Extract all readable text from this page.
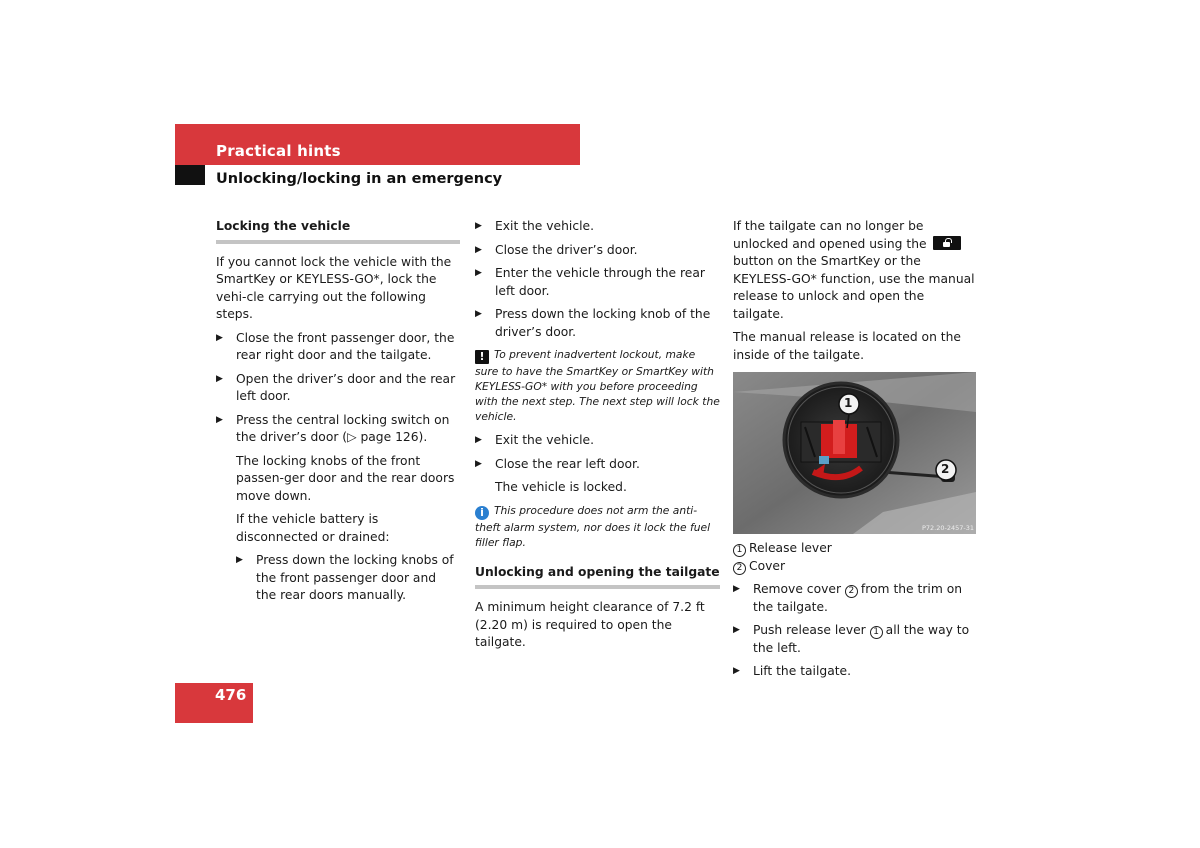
Practical hints
Unlocking/locking in an emergency
Locking the vehicle

If you cannot lock the vehicle with the SmartKey or KEYLESS-GO*, lock the vehi-cle carrying out the following steps.

▶ Close the front passenger door, the rear right door and the tailgate.
▶ Open the driver’s door and the rear left door.
▶ Press the central locking switch on the driver’s door (▷ page 126).

The locking knobs of the front passen-ger door and the rear doors move down.

If the vehicle battery is disconnected or drained:

▶ Press down the locking knobs of the front passenger door and the rear doors manually.
▶ Exit the vehicle.
▶ Close the driver’s door.
▶ Enter the vehicle through the rear left door.
▶ Press down the locking knob of the driver’s door.

! To prevent inadvertent lockout, make sure to have the SmartKey or SmartKey with KEYLESS-GO* with you before proceeding with the next step. The next step will lock the vehicle.

▶ Exit the vehicle.
▶ Close the rear left door.

The vehicle is locked.

i This procedure does not arm the anti-theft alarm system, nor does it lock the fuel filler flap.

Unlocking and opening the tailgate

A minimum height clearance of 7.2 ft (2.20 m) is required to open the tailgate.

If the tailgate can no longer be unlocked and opened using the  button on the SmartKey or the KEYLESS-GO* function, use the manual release to unlock and open the tailgate.

The manual release is located on the inside of the tailgate.

1
2
P72.20-2457-31

1 Release lever

2 Cover

▶ Remove cover 2 from the trim on the tailgate.
▶ Push release lever 1 all the way to the left.
▶ Lift the tailgate.
476
